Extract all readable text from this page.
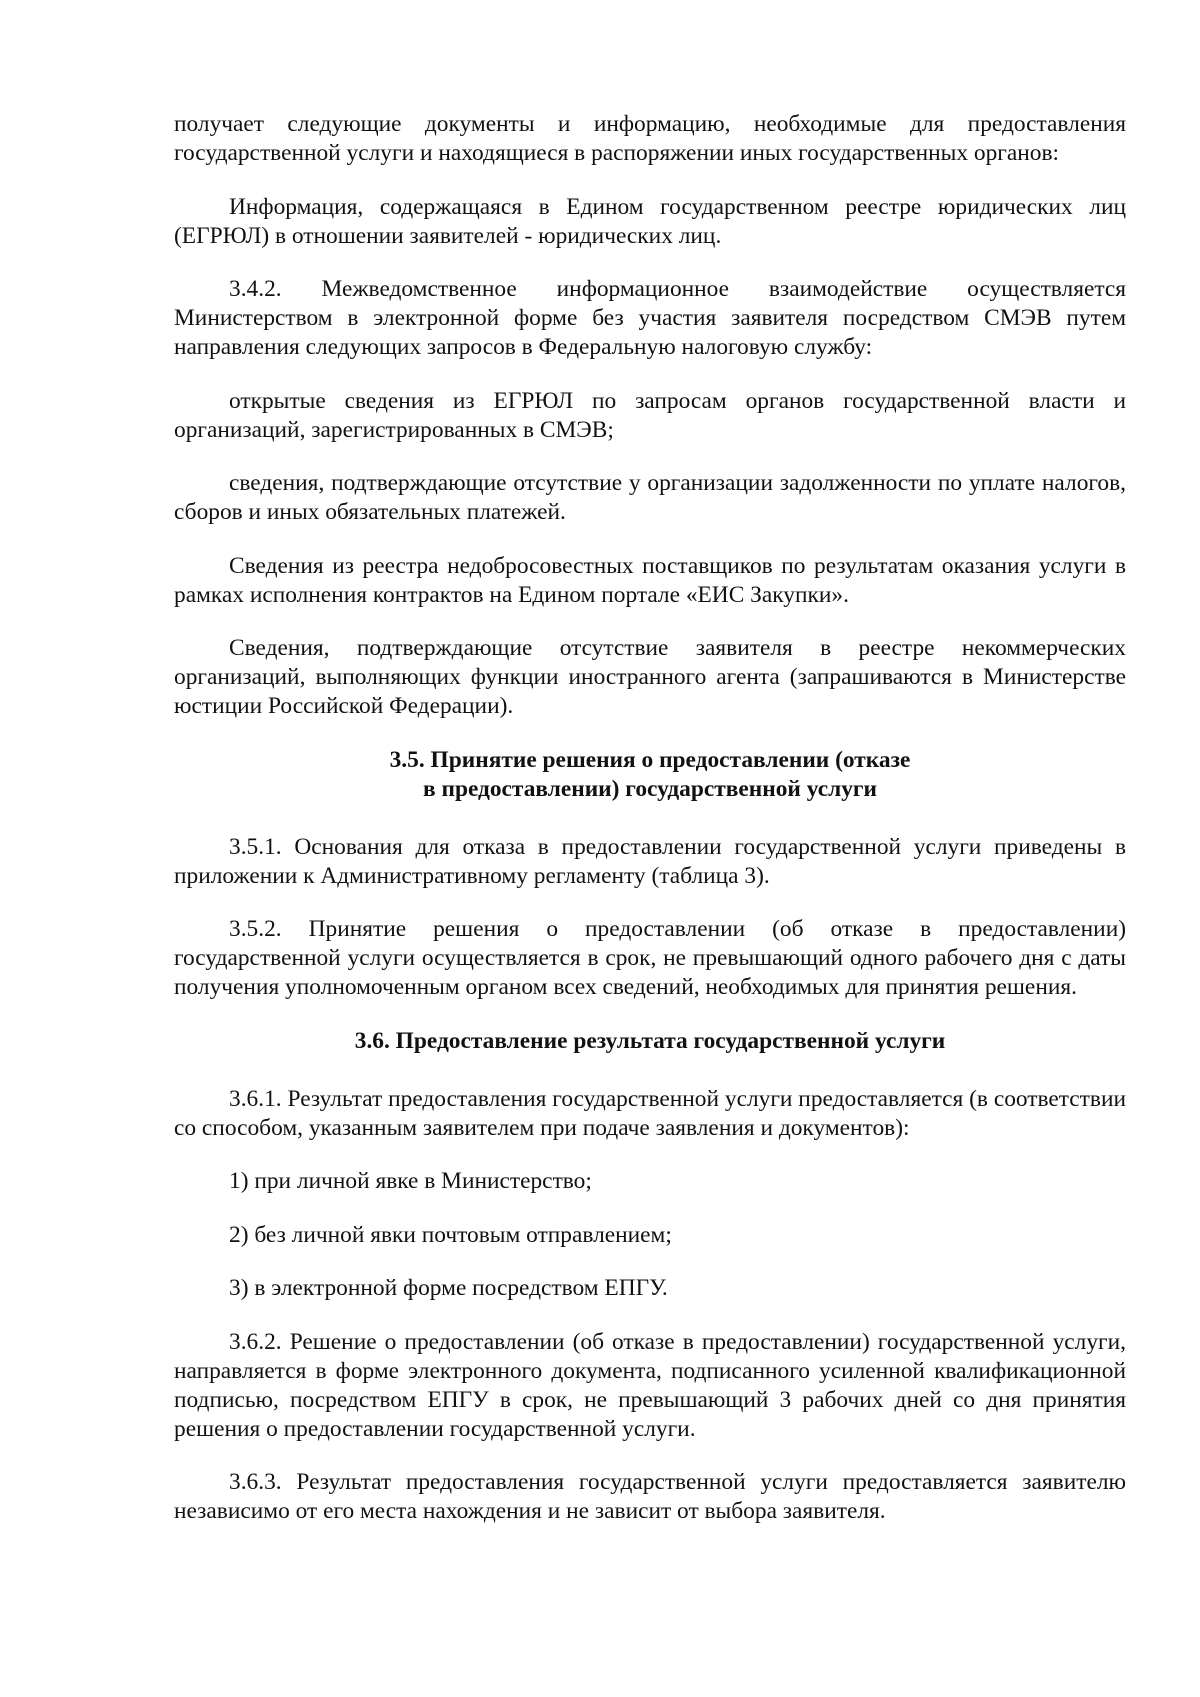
получает следующие документы и информацию, необходимые для предоставления государственной услуги и находящиеся в распоряжении иных государственных органов:

Информация, содержащаяся в Едином государственном реестре юридических лиц (ЕГРЮЛ) в отношении заявителей - юридических лиц.

3.4.2. Межведомственное информационное взаимодействие осуществляется Министерством в электронной форме без участия заявителя посредством СМЭВ путем направления следующих запросов в Федеральную налоговую службу:

открытые сведения из ЕГРЮЛ по запросам органов государственной власти и организаций, зарегистрированных в СМЭВ;

сведения, подтверждающие отсутствие у организации задолженности по уплате налогов, сборов и иных обязательных платежей.

Сведения из реестра недобросовестных поставщиков по результатам оказания услуги в рамках исполнения контрактов на Едином портале «ЕИС Закупки».

Сведения, подтверждающие отсутствие заявителя в реестре некоммерческих организаций, выполняющих функции иностранного агента (запрашиваются в Министерстве юстиции Российской Федерации).

3.5. Принятие решения о предоставлении (отказе
в предоставлении) государственной услуги

3.5.1. Основания для отказа в предоставлении государственной услуги приведены в приложении к Административному регламенту (таблица 3).

3.5.2. Принятие решения о предоставлении (об отказе в предоставлении) государственной услуги осуществляется в срок, не превышающий одного рабочего дня с даты получения уполномоченным органом всех сведений, необходимых для принятия решения.

3.6. Предоставление результата государственной услуги

3.6.1. Результат предоставления государственной услуги предоставляется (в соответствии со способом, указанным заявителем при подаче заявления и документов):

1) при личной явке в Министерство;

2) без личной явки почтовым отправлением;

3) в электронной форме посредством ЕПГУ.

3.6.2. Решение о предоставлении (об отказе в предоставлении) государственной услуги, направляется в форме электронного документа, подписанного усиленной квалификационной подписью, посредством ЕПГУ в срок, не превышающий 3 рабочих дней со дня принятия решения о предоставлении государственной услуги.

3.6.3. Результат предоставления государственной услуги предоставляется заявителю независимо от его места нахождения и не зависит от выбора заявителя.
